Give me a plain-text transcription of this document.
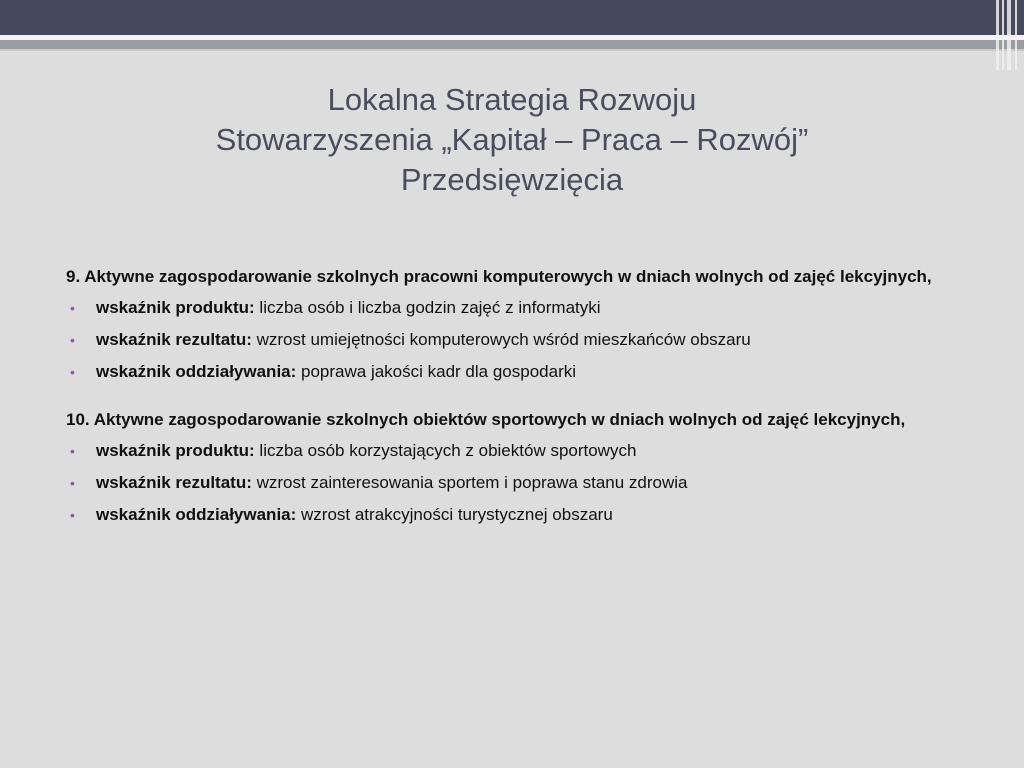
Lokalna Strategia Rozwoju
Stowarzyszenia „Kapitał – Praca – Rozwój”
Przedsięwzięcia
9. Aktywne zagospodarowanie szkolnych pracowni komputerowych w dniach wolnych od zajęć lekcyjnych,
• wskaźnik produktu: liczba osób i liczba godzin zajęć z informatyki
• wskaźnik rezultatu: wzrost umiejętności komputerowych wśród mieszkańców obszaru
• wskaźnik oddziaływania: poprawa jakości kadr dla gospodarki
10. Aktywne zagospodarowanie szkolnych obiektów sportowych w dniach wolnych od zajęć lekcyjnych,
• wskaźnik produktu: liczba osób korzystających z obiektów sportowych
• wskaźnik rezultatu: wzrost zainteresowania sportem i poprawa stanu zdrowia
• wskaźnik oddziaływania: wzrost atrakcyjności turystycznej obszaru
